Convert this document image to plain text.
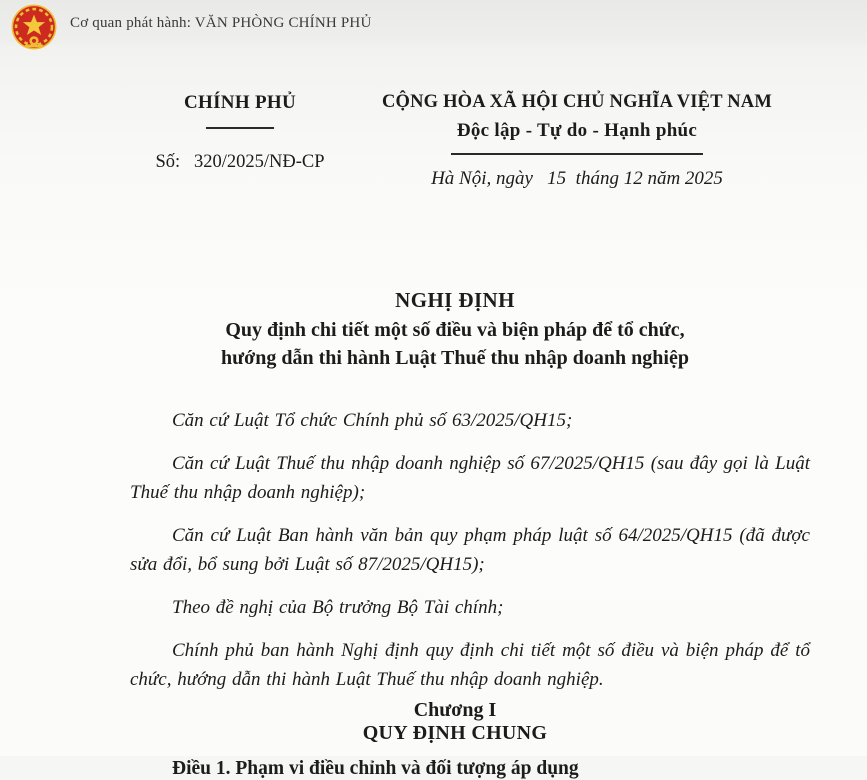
Cơ quan phát hành: VĂN PHÒNG CHÍNH PHỦ
CHÍNH PHỦ
Số:   320/2025/NĐ-CP
CỘNG HÒA XÃ HỘI CHỦ NGHĨA VIỆT NAM
Độc lập - Tự do - Hạnh phúc
Hà Nội, ngày   15  tháng 12 năm 2025
NGHỊ ĐỊNH
Quy định chi tiết một số điều và biện pháp để tổ chức,
hướng dẫn thi hành Luật Thuế thu nhập doanh nghiệp

Căn cứ Luật Tổ chức Chính phủ số 63/2025/QH15;

Căn cứ Luật Thuế thu nhập doanh nghiệp số 67/2025/QH15 (sau đây gọi là Luật Thuế thu nhập doanh nghiệp);

Căn cứ Luật Ban hành văn bản quy phạm pháp luật số 64/2025/QH15 (đã được sửa đổi, bổ sung bởi Luật số 87/2025/QH15);

Theo đề nghị của Bộ trưởng Bộ Tài chính;

Chính phủ ban hành Nghị định quy định chi tiết một số điều và biện pháp để tổ chức, hướng dẫn thi hành Luật Thuế thu nhập doanh nghiệp.

Chương I
QUY ĐỊNH CHUNG
Điều 1. Phạm vi điều chỉnh và đối tượng áp dụng
